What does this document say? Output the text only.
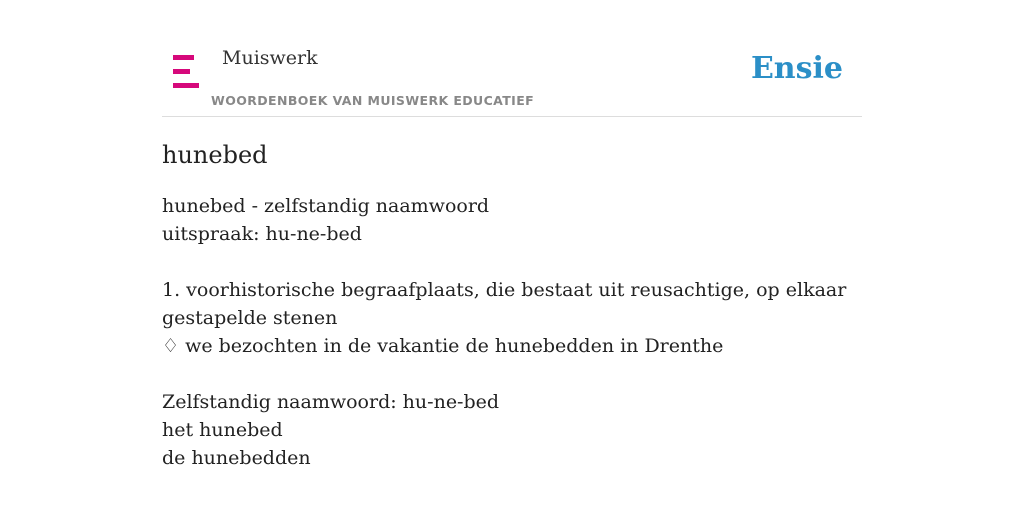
Muiswerk
WOORDENBOEK VAN MUISWERK EDUCATIEF
Ensie
hunebed
hunebed - zelfstandig naamwoord
uitspraak: hu-ne-bed
1. voorhistorische begraafplaats, die bestaat uit reusachtige, op elkaar gestapelde stenen
♢ we bezochten in de vakantie de hunebedden in Drenthe
Zelfstandig naamwoord: hu-ne-bed
het hunebed
de hunebedden
